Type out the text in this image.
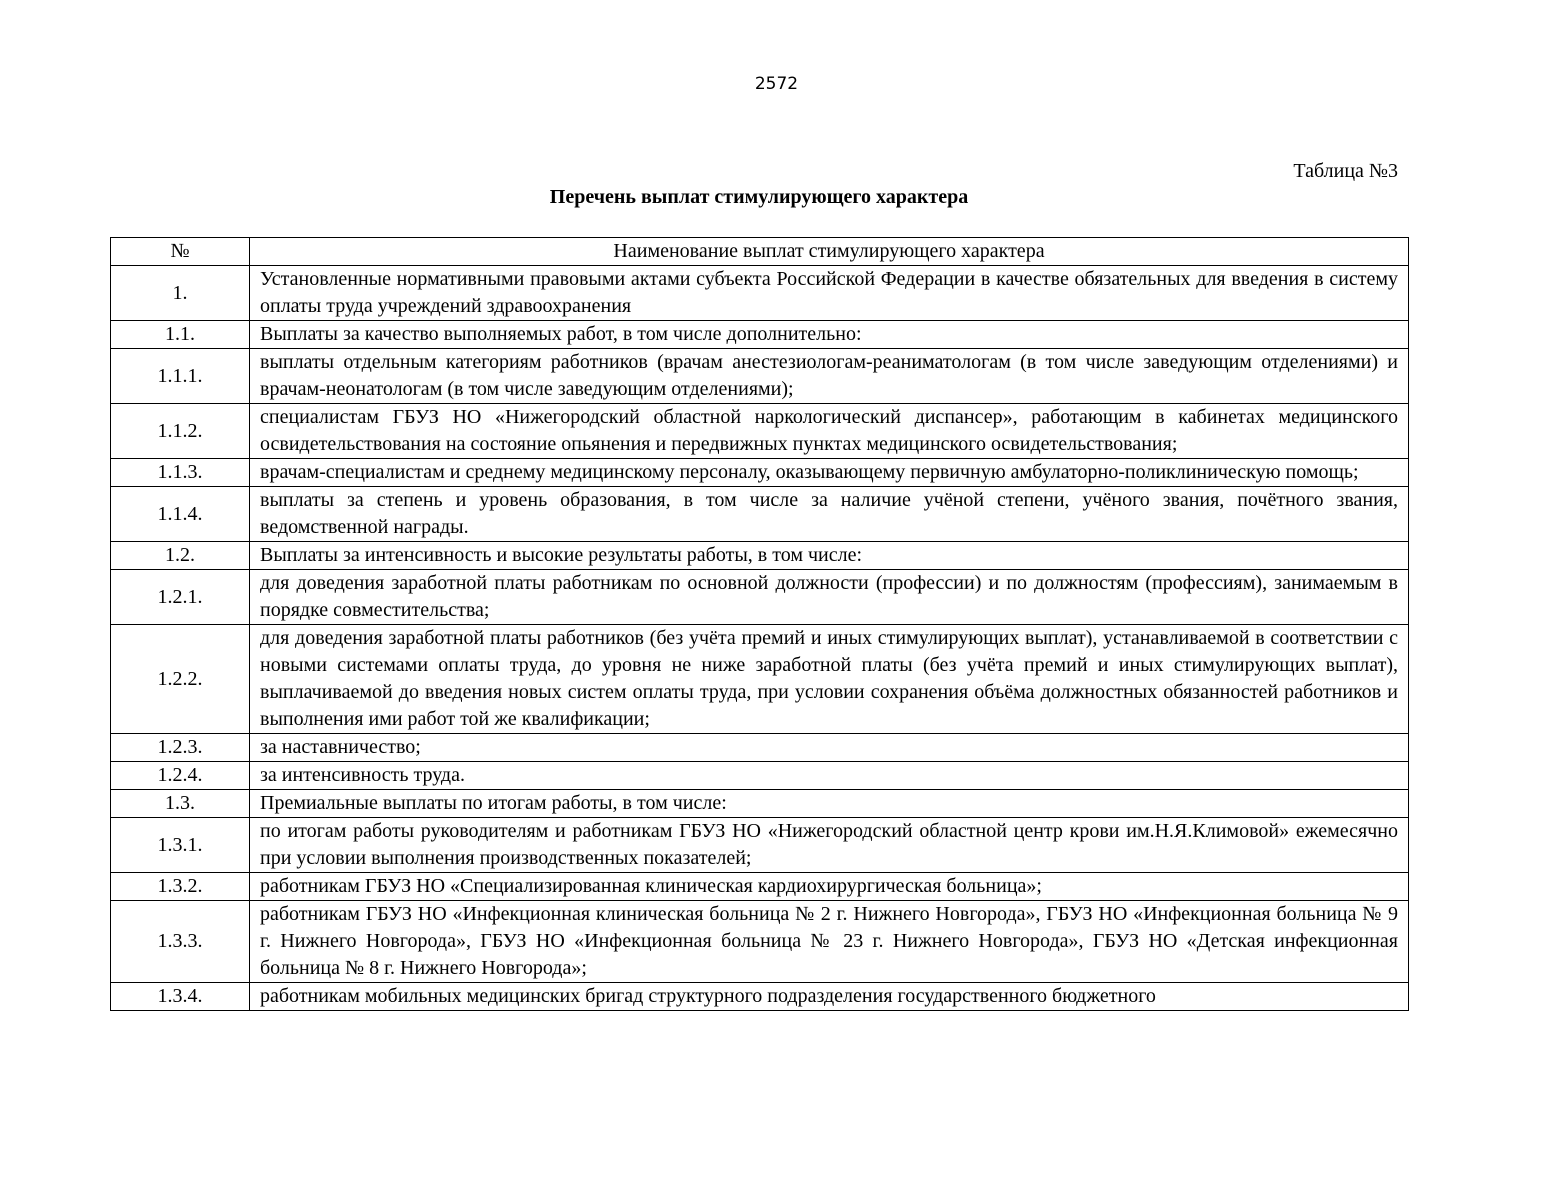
2572
Таблица №3
Перечень выплат стимулирующего характера
№	Наименование выплат стимулирующего характера
1.	Установленные нормативными правовыми актами субъекта Российской Федерации в качестве обязательных для введения в систему оплаты труда учреждений здравоохранения
1.1.	Выплаты за качество выполняемых работ, в том числе дополнительно:
1.1.1.	выплаты отдельным категориям работников (врачам анестезиологам-реаниматологам (в том числе заведующим отделениями) и врачам-неонатологам (в том числе заведующим отделениями);
1.1.2.	специалистам ГБУЗ НО «Нижегородский областной наркологический диспансер», работающим в кабинетах медицинского освидетельствования на состояние опьянения и передвижных пунктах медицинского освидетельствования;
1.1.3.	врачам-специалистам и среднему медицинскому персоналу, оказывающему первичную амбулаторно-поликлиническую помощь;
1.1.4.	выплаты за степень и уровень образования, в том числе за наличие учёной степени, учёного звания, почётного звания, ведомственной награды.
1.2.	Выплаты за интенсивность и высокие результаты работы, в том числе:
1.2.1.	для доведения заработной платы работникам по основной должности (профессии) и по должностям (профессиям), занимаемым в порядке совместительства;
1.2.2.	для доведения заработной платы работников (без учёта премий и иных стимулирующих выплат), устанавливаемой в соответствии с новыми системами оплаты труда, до уровня не ниже заработной платы (без учёта премий и иных стимулирующих выплат), выплачиваемой до введения новых систем оплаты труда, при условии сохранения объёма должностных обязанностей работников и выполнения ими работ той же квалификации;
1.2.3.	за наставничество;
1.2.4.	за интенсивность труда.
1.3.	Премиальные выплаты по итогам работы, в том числе:
1.3.1.	по итогам работы руководителям и работникам ГБУЗ НО «Нижегородский областной центр крови им.Н.Я.Климовой» ежемесячно при условии выполнения производственных показателей;
1.3.2.	работникам ГБУЗ НО «Специализированная клиническая кардиохирургическая больница»;
1.3.3.	работникам ГБУЗ НО «Инфекционная клиническая больница № 2 г. Нижнего Новгорода», ГБУЗ НО «Инфекционная больница № 9 г. Нижнего Новгорода», ГБУЗ НО «Инфекционная больница № 23 г. Нижнего Новгорода», ГБУЗ НО «Детская инфекционная больница № 8 г. Нижнего Новгорода»;
1.3.4.	работникам мобильных медицинских бригад структурного подразделения государственного бюджетного
